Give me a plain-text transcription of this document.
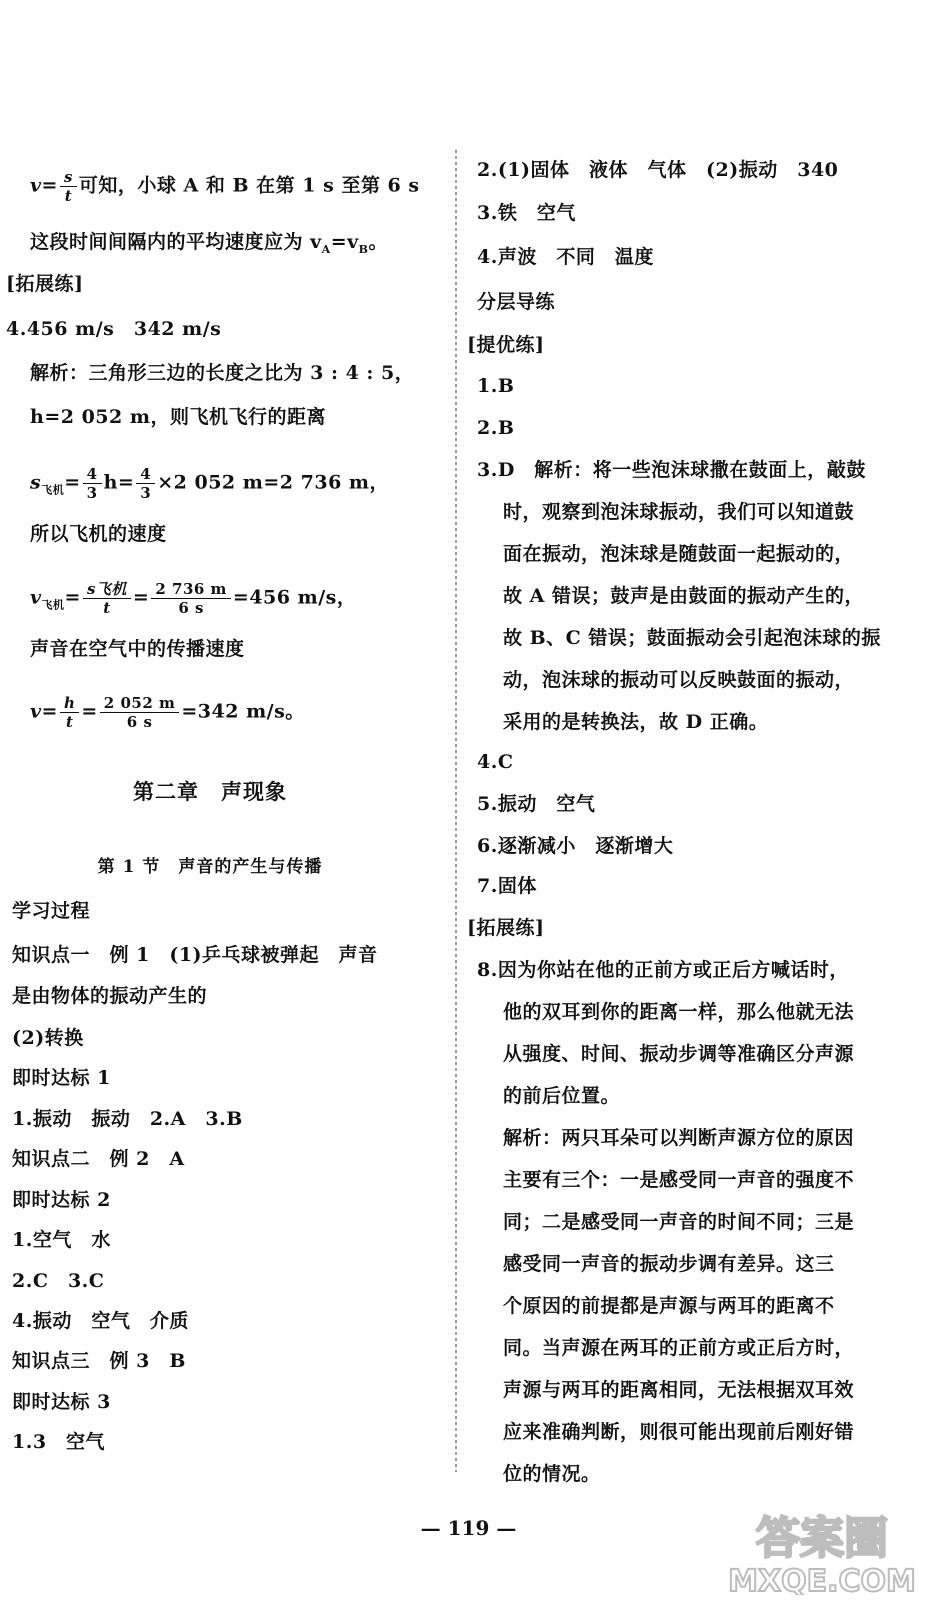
$v= \frac{s}{t}$ 可知，小球 A 和 B 在第 1 s 至第 6 s
这段时间间隔内的平均速度应为 $v_A=v_B$。
[拓展练]
4.456 m/s　342 m/s
解析：三角形三边的长度之比为 3 : 4 : 5，
h=2 052 m，则飞机飞行的距离
$s_{飞机}= \frac{4}{3} h= \frac{4}{3} \times 2$ 052 m=2 736 m，
所以飞机的速度
$v_{飞机}= \frac{\text{s飞机}}{t} = \frac{2 736 m}{6 s} =456$ m/s，
声音在空气中的传播速度
$v= \frac{h}{t} = \frac{2 052 m}{6 s} =342$ m/s。
第二章　声现象
第 1 节　声音的产生与传播
学习过程
知识点一　例 1　(1)乒乓球被弹起　声音
是由物体的振动产生的
(2)转换
即时达标 1
1.振动　振动　2.A　3.B
知识点二　例 2　A
即时达标 2
1.空气　水
2.C　3.C
4.振动　空气　介质
知识点三　例 3　B
即时达标 3
1.3　空气
2.(1)固体　液体　气体　(2)振动　340
3.铁　空气
4.声波　不同　温度
分层导练
[提优练]
1.B
2.B
3.D　解析：将一些泡沫球撒在鼓面上，敲鼓
时，观察到泡沫球振动，我们可以知道鼓
面在振动，泡沫球是随鼓面一起振动的，
故 A 错误；鼓声是由鼓面的振动产生的，
故 B、C 错误；鼓面振动会引起泡沫球的振
动，泡沫球的振动可以反映鼓面的振动，
采用的是转换法，故 D 正确。
4.C
5.振动　空气
6.逐渐减小　逐渐增大
7.固体
[拓展练]
8.因为你站在他的正前方或正后方喊话时，
他的双耳到你的距离一样，那么他就无法
从强度、时间、振动步调等准确区分声源
的前后位置。
解析：两只耳朵可以判断声源方位的原因
主要有三个：一是感受同一声音的强度不
同；二是感受同一声音的时间不同；三是
感受同一声音的振动步调有差异。这三
个原因的前提都是声源与两耳的距离不
同。当声源在两耳的正前方或正后方时，
声源与两耳的距离相同，无法根据双耳效
应来准确判断，则很可能出现前后刚好错
位的情况。
— 119 —	答案圈
MXQE.COM
